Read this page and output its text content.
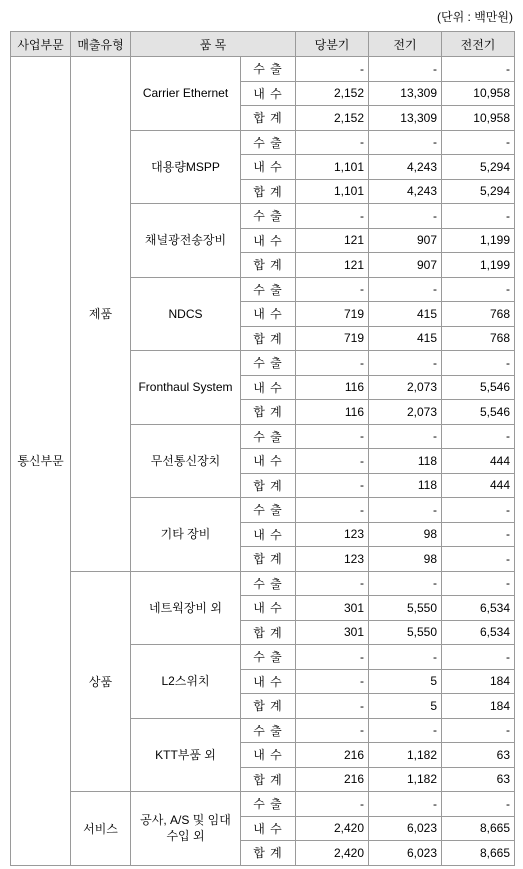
(단위 : 백만원)
사업부문	매출유형	품 목		당분기	전기	전전기
통신부문	제품	Carrier Ethernet	수 출	-	-	-
			내 수	2,152	13,309	10,958
			합 계	2,152	13,309	10,958
		대용량MSPP	수 출	-	-	-
			내 수	1,101	4,243	5,294
			합 계	1,101	4,243	5,294
		채널광전송장비	수 출	-	-	-
			내 수	121	907	1,199
			합 계	121	907	1,199
		NDCS	수 출	-	-	-
			내 수	719	415	768
			합 계	719	415	768
		Fronthaul System	수 출	-	-	-
			내 수	116	2,073	5,546
			합 계	116	2,073	5,546
		무선통신장치	수 출	-	-	-
			내 수	-	118	444
			합 계	-	118	444
		기타 장비	수 출	-	-	-
			내 수	123	98	-
			합 계	123	98	-
	상품	네트웍장비 외	수 출	-	-	-
			내 수	301	5,550	6,534
			합 계	301	5,550	6,534
		L2스위치	수 출	-	-	-
			내 수	-	5	184
			합 계	-	5	184
		KTT부품 외	수 출	-	-	-
			내 수	216	1,182	63
			합 계	216	1,182	63
	서비스	공사, A/S 및 임대수입 외	수 출	-	-	-
			내 수	2,420	6,023	8,665
			합 계	2,420	6,023	8,665
